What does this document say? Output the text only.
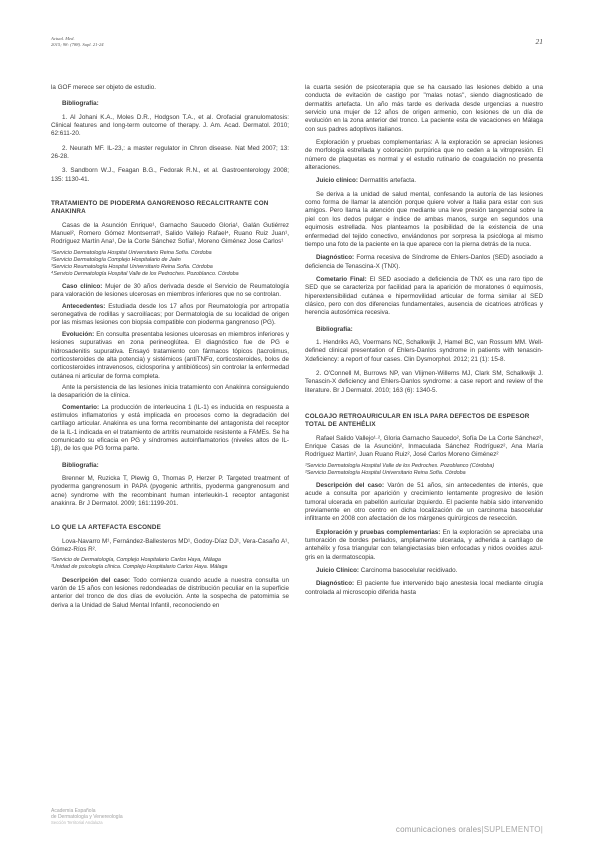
Actual. Med.
2015; 98: (788). Supl. 21-24	21

la GOF merece ser objeto de estudio.

Bibliografía:

1. Al Johani K.A., Moles D.R., Hodgson T.A., et al. Orofacial granulomatosis: Clinical features and long-term outcome of therapy. J. Am. Acad. Dermatol. 2010; 62:611-20.

2. Neurath MF. IL-23,: a master regulator in Chron disease. Nat Med 2007; 13: 26-28.

3. Sandborn W.J., Feagan B.G., Fedorak R.N., et al. Gastroenterology 2008; 135: 1130-41.

TRATAMIENTO DE PIODERMA GANGRENOSO RECALCITRANTE CON ANAKINRA

Casas de la Asunción Enrique¹, Garnacho Saucedo Gloria¹, Galán Gutiérrez Manuel², Romero Gómez Montserrat³, Salido Vallejo Rafael⁴, Ruano Ruiz Juan¹, Rodríguez Martín Ana¹, De la Corte Sánchez Sofía¹, Moreno Giménez Jose Carlos¹

¹Servicio Dermatología Hospital Universitario Reina Sofía. Córdoba

²Servicio Dermatología Complejo Hospitalario de Jaén

³Servicio Reumatología Hospital Universitario Reina Sofía. Córdoba

⁴Servicio Dermatología Hospital Valle de los Pedroches. Pozoblanco. Córdoba

Caso clínico: Mujer de 30 años derivada desde el Servicio de Reumatología para valoración de lesiones ulcerosas en miembros inferiores que no se controlan.

Antecedentes: Estudiada desde los 17 años por Reumatología por artropatía seronegativa de rodillas y sacroilíacas; por Dermatología de su localidad de origen por las mismas lesiones con biopsia compatible con pioderma gangrenoso (PG).

Evolución: En consulta presentaba lesiones ulcerosas en miembros inferiores y lesiones supurativas en zona perineoglútea. El diagnóstico fue de PG e hidrosadenitis supurativa. Ensayó tratamiento con fármacos tópicos (tacrolimus, corticosteroides de alta potencia) y sistémicos (antiTNFα, corticosteroides, bolos de corticosteroides intravenosos, ciclosporina y antibióticos) sin controlar la enfermedad cutánea ni articular de forma completa.

Ante la persistencia de las lesiones inicia tratamiento con Anakinra consiguiendo la desaparición de la clínica.

Comentario: La producción de interleucina 1 (IL-1) es inducida en respuesta a estímulos inflamatorios y está implicada en procesos como la degradación del cartílago articular. Anakinra es una forma recombinante del antagonista del receptor de la IL-1 indicada en el tratamiento de artritis reumatoide resistente a FAMEs. Se ha comunicado su eficacia en PG y síndromes autoinflamatorios (niveles altos de IL-1β), de los que PG forma parte.

Bibliografía:

Brenner M, Ruzicka T, Plewig G, Thomas P, Herzer P. Targeted treatment of pyoderma gangrenosum in PAPA (pyogenic arthritis, pyoderma gangrenosum and acne) syndrome with the recombinant human interleukin-1 receptor antagonist anakinra. Br J Dermatol. 2009; 161:1199-201.

LO QUE LA ARTEFACTA ESCONDE

Lova-Navarro M¹, Fernández-Ballesteros MD¹, Godoy-Díaz DJ¹, Vera-Casaño A¹, Gómez-Ríos R².

¹Servicio de Dermatología, Complejo Hospitalario Carlos Haya, Málaga

²Unidad de psicología clínica. Complejo Hospitalario Carlos Haya. Málaga

Descripción del caso: Todo comienza cuando acude a nuestra consulta un varón de 15 años con lesiones redondeadas de distribución peculiar en la superficie anterior del tronco de dos días de evolución. Ante la sospecha de patomimia se deriva a la Unidad de Salud Mental Infantil, reconociendo en

la cuarta sesión de psicoterapia que se ha causado las lesiones debido a una conducta de evitación de castigo por "malas notas", siendo diagnosticado de dermatitis artefacta. Un año más tarde es derivada desde urgencias a nuestro servicio una mujer de 12 años de origen armenio, con lesiones de un día de evolución en la zona anterior del tronco. La paciente esta de vacaciones en Málaga con sus padres adoptivos italianos.

Exploración y pruebas complementarias: A la exploración se aprecian lesiones de morfología estrellada y coloración purpúrica que no ceden a la vitropresión. El número de plaquetas es normal y el estudio rutinario de coagulación no presenta alteraciones.

Juicio clínico: Dermatitis artefacta.

Se deriva a la unidad de salud mental, confesando la autoría de las lesiones como forma de llamar la atención porque quiere volver a Italia para estar con sus amigos. Pero llama la atención que mediante una leve presión tangencial sobre la piel con los dedos pulgar e índice de ambas manos, surge en segundos una equimosis estrellada. Nos planteamos la posibilidad de la existencia de una enfermedad del tejido conectivo, enviándonos por sorpresa la psicóloga al mismo tiempo una foto de la paciente en la que aparece con la pierna detrás de la nuca.

Diagnóstico: Forma recesiva de Síndrome de Ehlers-Danlos (SED) asociado a deficiencia de Tenascina-X (TNX).

Cometario Final: El SED asociado a deficiencia de TNX es una raro tipo de SED que se caracteriza por facilidad para la aparición de moratones ó equimosis, hiperextensibilidad cutánea e hipermovilidad articular de forma similar al SED clásico, pero con dos diferencias fundamentales, ausencia de cicatrices atróficas y herencia autosómica recesiva.

Bibliografía:

1. Hendriks AG, Voermans NC, Schalkwijk J, Hamel BC, van Rossum MM. Well-defined clinical presentation of Ehlers-Danlos syndrome in patients with tenascin-Xdeficiency: a report of four cases. Clin Dysmorphol. 2012; 21 (1): 15-8.

2. O'Connell M, Burrows NP, van Vlijmen-Willems MJ, Clark SM, Schalkwijk J. Tenascin-X deficiency and Ehlers-Danlos syndrome: a case report and review of the literature. Br J Dermatol. 2010; 163 (6): 1340-5.

COLGAJO RETROAURICULAR EN ISLA PARA DEFECTOS DE ESPESOR TOTAL DE ANTEHÉLIX

Rafael Salido Vallejo¹·², Gloria Garnacho Saucedo², Sofía De La Corte Sánchez², Enrique Casas de la Asunción², Inmaculada Sánchez Rodríguez², Ana María Rodríguez Martín², Juan Ruano Ruiz², José Carlos Moreno Giménez²

¹Servicio Dermatología Hospital Valle de los Pedroches. Pozoblanco (Córdoba)

²Servicio Dermatología Hospital Universitario Reina Sofía. Córdoba

Descripción del caso: Varón de 51 años, sin antecedentes de interés, que acude a consulta por aparición y crecimiento lentamente progresivo de lesión tumoral ulcerada en pabellón auricular izquierdo. El paciente había sido intervenido previamente en otro centro en dicha localización de un carcinoma basocelular infiltrante en 2008 con afectación de los márgenes quirúrgicos de resección.

Exploración y pruebas complementarias: En la exploración se apreciaba una tumoración de bordes perlados, ampliamente ulcerada, y adherida a cartílago de antehélix y fosa triangular con telangiectasias bien enfocadas y nidos ovoides azul-gris en la dermatoscopia.

Juicio Clínico: Carcinoma basocelular recidivado.

Diagnóstico: El paciente fue intervenido bajo anestesia local mediante cirugía controlada al microscopio diferida hasta

Academia Española
de Dermatología y Venereología
Sección Territorial Andaluza
comunicaciones orales|SUPLEMENTO|
